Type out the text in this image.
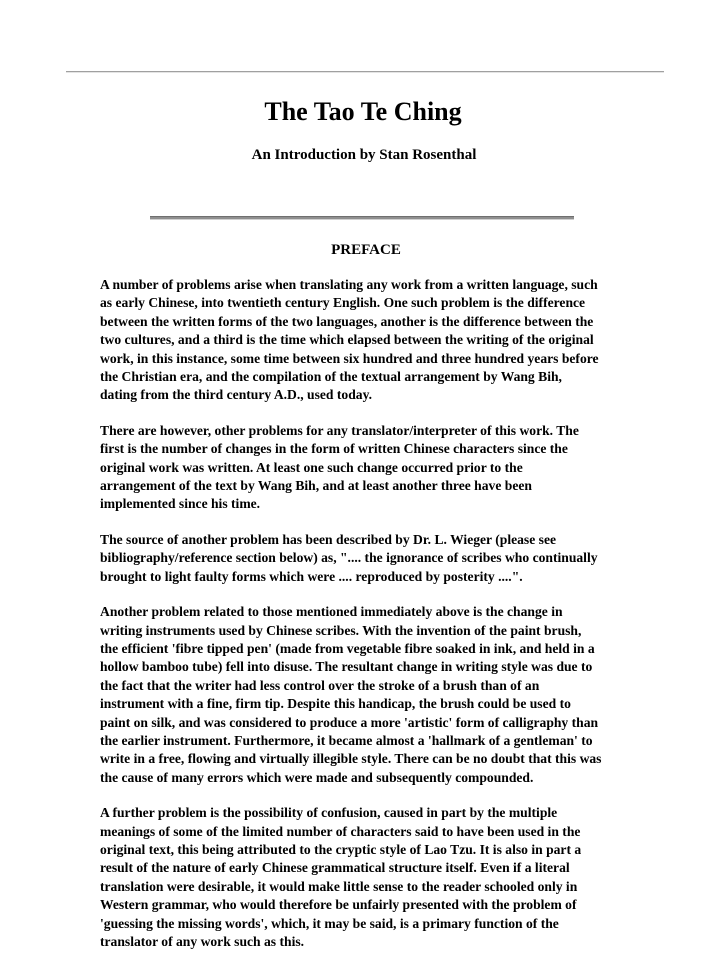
The Tao Te Ching
An Introduction by Stan Rosenthal
PREFACE

A number of problems arise when translating any work from a written language, such
as early Chinese, into twentieth century English. One such problem is the difference
between the written forms of the two languages, another is the difference between the
two cultures, and a third is the time which elapsed between the writing of the original
work, in this instance, some time between six hundred and three hundred years before
the Christian era, and the compilation of the textual arrangement by Wang Bih,
dating from the third century A.D., used today.

There are however, other problems for any translator/interpreter of this work. The
first is the number of changes in the form of written Chinese characters since the
original work was written. At least one such change occurred prior to the
arrangement of the text by Wang Bih, and at least another three have been
implemented since his time.

The source of another problem has been described by Dr. L. Wieger (please see
bibliography/reference section below) as, ".... the ignorance of scribes who continually
brought to light faulty forms which were .... reproduced by posterity ....".

Another problem related to those mentioned immediately above is the change in
writing instruments used by Chinese scribes. With the invention of the paint brush,
the efficient 'fibre tipped pen' (made from vegetable fibre soaked in ink, and held in a
hollow bamboo tube) fell into disuse. The resultant change in writing style was due to
the fact that the writer had less control over the stroke of a brush than of an
instrument with a fine, firm tip. Despite this handicap, the brush could be used to
paint on silk, and was considered to produce a more 'artistic' form of calligraphy than
the earlier instrument. Furthermore, it became almost a 'hallmark of a gentleman' to
write in a free, flowing and virtually illegible style. There can be no doubt that this was
the cause of many errors which were made and subsequently compounded.

A further problem is the possibility of confusion, caused in part by the multiple
meanings of some of the limited number of characters said to have been used in the
original text, this being attributed to the cryptic style of Lao Tzu. It is also in part a
result of the nature of early Chinese grammatical structure itself. Even if a literal
translation were desirable, it would make little sense to the reader schooled only in
Western grammar, who would therefore be unfairly presented with the problem of
'guessing the missing words', which, it may be said, is a primary function of the
translator of any work such as this.
